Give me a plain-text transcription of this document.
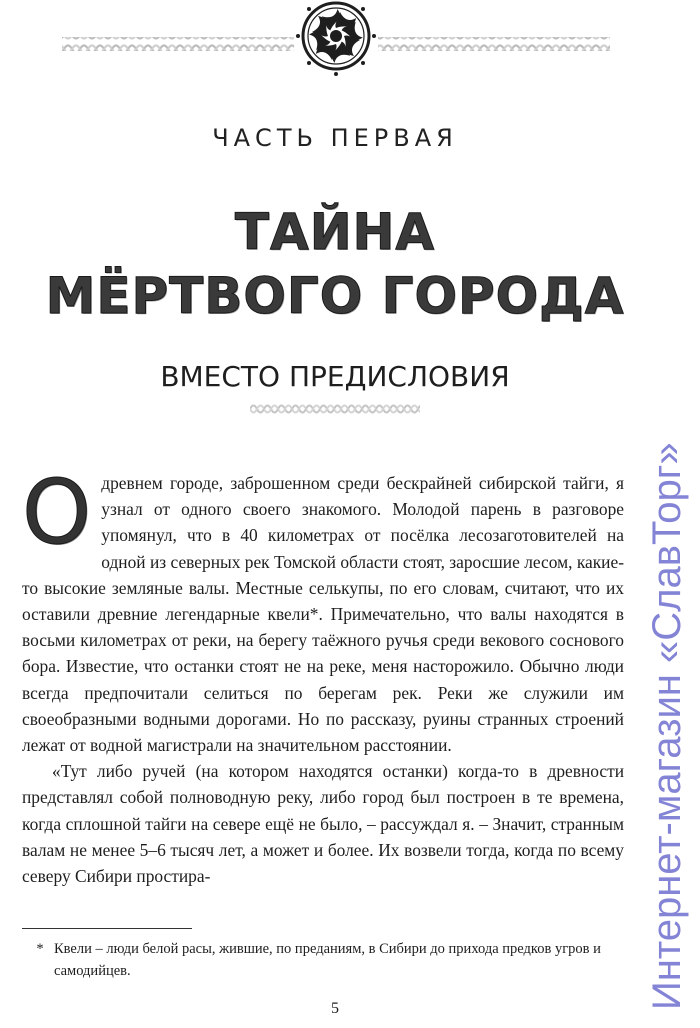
ЧАСТЬ ПЕРВАЯ
ТАЙНА
МЁРТВОГО ГОРОДА
ВМЕСТО ПРЕДИСЛОВИЯ

Одревнем городе, заброшенном среди бескрайней сибирской тайги, я узнал от одного своего знакомого. Молодой парень в разговоре упомянул, что в 40 километрах от посёлка лесозаготовителей на одной из северных рек Томской области стоят, заросшие лесом, какие-то высокие земляные валы. Местные селькупы, по его словам, считают, что их оставили древние легендарные квели*. Примечательно, что валы находятся в восьми километрах от реки, на берегу таёжного ручья среди векового соснового бора. Известие, что останки стоят не на реке, меня насторожило. Обычно люди всегда предпочитали селиться по берегам рек. Реки же служили им своеобразными водными дорогами. Но по рассказу, руины странных строений лежат от водной магистрали на значительном расстоянии.

«Тут либо ручей (на котором находятся останки) когда-то в древности представлял собой полноводную реку, либо город был построен в те времена, когда сплошной тайги на севере ещё не было, – рассуждал я. – Значит, странным валам не менее 5–6 тысяч лет, а может и более. Их возвели тогда, когда по всему северу Сибири простира-

* Квели – люди белой расы, жившие, по преданиям, в Сибири до прихода предков угров и самодийцев.
5	Интернет-магазин «СлавТорг»
